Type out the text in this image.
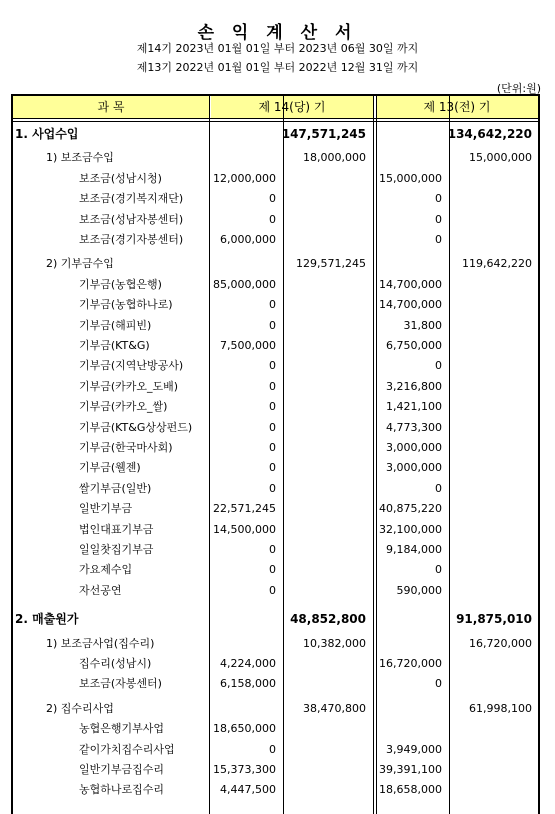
손 익 계 산 서
제14기 2023년 01월 01일 부터 2023년 06월 30일 까지
제13기 2022년 01월 01일 부터 2022년 12월 31일 까지
(단위:원)
과 목	제 14(당) 기	제 13(전) 기
1. 사업수입	147,571,245	134,642,220
1) 보조금수입	18,000,000	15,000,000
보조금(성남시청)	12,000,000	15,000,000
보조금(경기복지재단)	0	0
보조금(성남자봉센터)	0	0
보조금(경기자봉센터)	6,000,000	0
2) 기부금수입	129,571,245	119,642,220
기부금(농협은행)	85,000,000	14,700,000
기부금(농협하나로)	0	14,700,000
기부금(해피빈)	0	31,800
기부금(KT&G)	7,500,000	6,750,000
기부금(지역난방공사)	0	0
기부금(카카오_도배)	0	3,216,800
기부금(카카오_쌀)	0	1,421,100
기부금(KT&G상상펀드)	0	4,773,300
기부금(한국마사회)	0	3,000,000
기부금(웰젠)	0	3,000,000
쌀기부금(일반)	0	0
일반기부금	22,571,245	40,875,220
법인대표기부금	14,500,000	32,100,000
일일찻집기부금	0	9,184,000
가요제수입	0	0
자선공연	0	590,000
2. 매출원가	48,852,800	91,875,010
1) 보조금사업(집수리)	10,382,000	16,720,000
집수리(성남시)	4,224,000	16,720,000
보조금(자봉센터)	6,158,000	0
2) 집수리사업	38,470,800	61,998,100
농협은행기부사업	18,650,000
같이가치집수리사업	0	3,949,000
일반기부금집수리	15,373,300	39,391,100
농협하나로집수리	4,447,500	18,658,000
